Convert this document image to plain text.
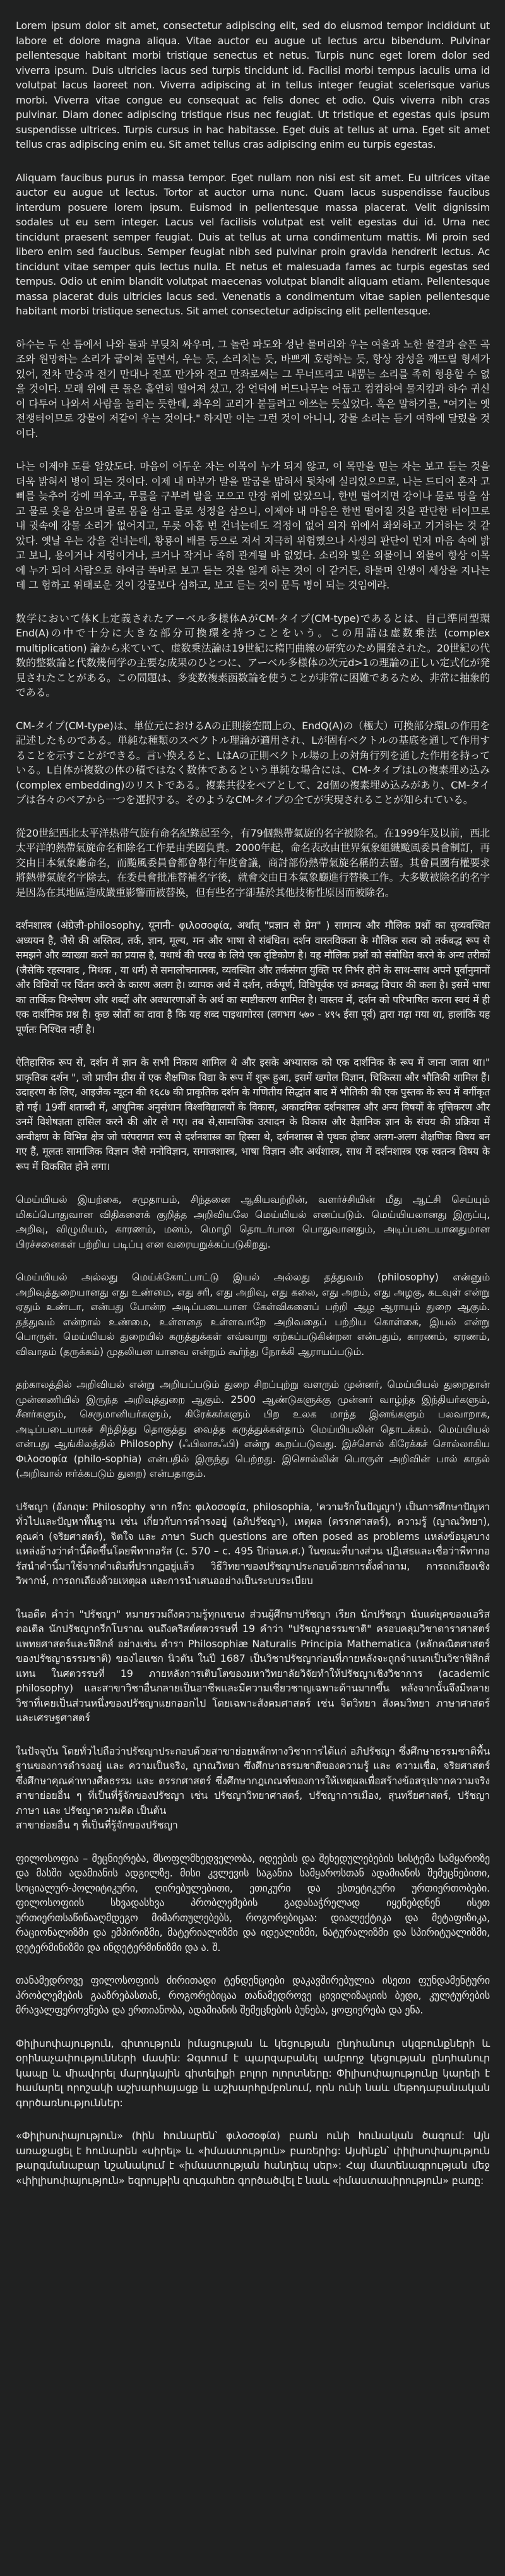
Lorem ipsum dolor sit amet, consectetur adipiscing elit, sed do eiusmod tempor incididunt ut labore et dolore magna aliqua. Vitae auctor eu augue ut lectus arcu bibendum. Pulvinar pellentesque habitant morbi tristique senectus et netus. Turpis nunc eget lorem dolor sed viverra ipsum. Duis ultricies lacus sed turpis tincidunt id. Facilisi morbi tempus iaculis urna id volutpat lacus laoreet non. Viverra adipiscing at in tellus integer feugiat scelerisque varius morbi. Viverra vitae congue eu consequat ac felis donec et odio. Quis viverra nibh cras pulvinar. Diam donec adipiscing tristique risus nec feugiat. Ut tristique et egestas quis ipsum suspendisse ultrices. Turpis cursus in hac habitasse. Eget duis at tellus at urna. Eget sit amet tellus cras adipiscing enim eu. Sit amet tellus cras adipiscing enim eu turpis egestas.

Aliquam faucibus purus in massa tempor. Eget nullam non nisi est sit amet. Eu ultrices vitae auctor eu augue ut lectus. Tortor at auctor urna nunc. Quam lacus suspendisse faucibus interdum posuere lorem ipsum. Euismod in pellentesque massa placerat. Velit dignissim sodales ut eu sem integer. Lacus vel facilisis volutpat est velit egestas dui id. Urna nec tincidunt praesent semper feugiat. Duis at tellus at urna condimentum mattis. Mi proin sed libero enim sed faucibus. Semper feugiat nibh sed pulvinar proin gravida hendrerit lectus. Ac tincidunt vitae semper quis lectus nulla. Et netus et malesuada fames ac turpis egestas sed tempus. Odio ut enim blandit volutpat maecenas volutpat blandit aliquam etiam. Pellentesque massa placerat duis ultricies lacus sed. Venenatis a condimentum vitae sapien pellentesque habitant morbi tristique senectus. Sit amet consectetur adipiscing elit pellentesque.

하수는 두 산 틈에서 나와 돌과 부딪쳐 싸우며, 그 놀란 파도와 성난 물머리와 우는 여울과 노한 물결과 슬픈 곡조와 원망하는 소리가 굽이쳐 돌면서, 우는 듯, 소리치는 듯, 바쁘게 호령하는 듯, 항상 장성을 깨뜨릴 형세가 있어, 전차 만승과 전기 만대나 전포 만가와 전고 만좌로써는 그 무너뜨리고 내뿜는 소리를 족히 형용할 수 없을 것이다. 모래 위에 큰 돌은 홀연히 떨어져 섰고, 강 언덕에 버드나무는 어둡고 컴컴하여 물지킴과 하수 귀신이 다투어 나와서 사람을 놀리는 듯한데, 좌우의 교리가 붙들려고 애쓰는 듯싶었다. 혹은 말하기를, "여기는 옛 전쟁터이므로 강물이 저같이 우는 것이다." 하지만 이는 그런 것이 아니니, 강물 소리는 듣기 여하에 달렸을 것이다.

나는 이제야 도를 알았도다. 마음이 어두운 자는 이목이 누가 되지 않고, 이 목만을 믿는 자는 보고 듣는 것을 더욱 밝혀서 병이 되는 것이다. 이제 내 마부가 발을 말굽을 밟혀서 뒷차에 실리었으므로, 나는 드디어 혼자 고삐를 늦추어 강에 띄우고, 무릎을 구부려 발을 모으고 안장 위에 앉았으니, 한번 떨어지면 강이나 물로 땅을 삼고 물로 옷을 삼으며 물로 몸을 삼고 물로 성정을 삼으니, 이제야 내 마음은 한번 떨어질 것을 판단한 터이므로 내 귓속에 강물 소리가 없어지고, 무릇 아홉 번 건너는데도 걱정이 없어 의자 위에서 좌와하고 기거하는 것 같았다. 옛날 우는 강을 건너는데, 황룡이 배를 등으로 져서 지극히 위험했으나 사생의 판단이 먼저 마음 속에 밝고 보니, 용이거나 지렁이거나, 크거나 작거나 족히 관계될 바 없었다. 소리와 빛은 외물이니 외물이 항상 이목에 누가 되어 사람으로 하여금 똑바로 보고 듣는 것을 잃게 하는 것이 이 같거든, 하물며 인생이 세상을 지나는 데 그 험하고 위태로운 것이 강물보다 심하고, 보고 듣는 것이 문득 병이 되는 것임에랴.

数学において体K上定義されたアーベル多様体AがCM-タイプ(CM-type)であるとは、自己準同型環 End(A)の中で十分に大きな部分可換環を持つことをいう。この用語は虚数乗法 (complex multiplication) 論から来ていて、虚数乗法論は19世紀に楕円曲線の研究のため開発された。20世紀の代数的整数論と代数幾何学の主要な成果のひとつに、アーベル多様体の次元d>1の理論の正しい定式化が発見されたことがある。この問題は、多変数複素函数論を使うことが非常に困難であるため、非常に抽象的である。

CM-タイプ(CM-type)は、単位元におけるAの正則接空間上の、EndQ(A)の（極大）可換部分環Lの作用を記述したものである。単純な種類のスペクトル理論が適用され、Lが固有ベクトルの基底を通して作用することを示すことができる。言い換えると、LはAの正則ベクトル場の上の対角行列を通した作用を持っている。L自体が複数の体の積ではなく数体であるという単純な場合には、CM-タイプはLの複素埋め込み(complex embedding)のリストである。複素共役をペアとして、2d個の複素埋め込みがあり、CM-タイプは各々のペアから一つを選択する。そのようなCM-タイプの全てが実現されることが知られている。

從20世紀西北太平洋热带气旋有命名紀錄起至今，有79個熱帶氣旋的名字被除名。在1999年及以前，西北太平洋的熱帶氣旋命名和除名工作是由美國負責。2000年起，命名表改由世界氣象組織颱風委員會制訂，再交由日本氣象廳命名，而颱風委員會都會舉行年度會議，商討部份熱帶氣旋名稱的去留。其會員國有權要求將熱帶氣旋名字除去，在委員會批准替補名字後，就會交由日本氣象廳進行替換工作。大多數被除名的名字是因為在其地區造成嚴重影響而被替換，但有些名字卻基於其他技術性原因而被除名。

दर्शनशास्त्र (अंग्रेज़ी-philosophy, यूनानी- φιλοσοφία, अर्थात् "प्रज्ञान से प्रेम" ) सामान्य और मौलिक प्रश्नों का सुव्यवस्थित अध्ययन है, जैसे की अस्तित्व, तर्क, ज्ञान, मूल्य, मन और भाषा से संबंधित। दर्शन वास्तविकता के मौलिक सत्य को तर्कबद्ध रूप से समझने और व्याख्या करने का प्रयास है, यथार्थ की परख के लिये एक दृष्टिकोण है। यह मौलिक प्रश्नों को संबोधित करने के अन्य तरीकों (जैसेकि रहस्यवाद , मिथक , या धर्म) से समालोचनात्मक, व्यवस्थित और तर्कसंगत युक्ति पर निर्भर होने के साथ-साथ अपने पूर्वानुमानों और विधियों पर चिंतन करने के कारण अलग है। व्यापक अर्थ में दर्शन, तर्कपूर्ण, विधिपूर्वक एवं क्रमबद्ध विचार की कला है। इसमें भाषा का तार्किक विश्लेषण और शब्दों और अवधारणाओं के अर्थ का स्पष्टीकरण शामिल है। वास्तव में, दर्शन को परिभाषित करना स्वयं में ही एक दार्शनिक प्रश्न है। कुछ स्रोतों का दावा है कि यह शब्द पाइथागोरस (लगभग ५७० - ४९५ ईसा पूर्व) द्वारा गढ़ा गया था, हालांकि यह पूर्णतः निश्चित नहीं है।

ऐतिहासिक रूप से, दर्शन में ज्ञान के सभी निकाय शामिल थे और इसके अभ्यासक को एक दार्शनिक के रूप में जाना जाता था।" प्राकृतिक दर्शन ", जो प्राचीन ग्रीस में एक शैक्षणिक विद्या के रूप में शुरू हुआ, इसमें खगोल विज्ञान, चिकित्सा और भौतिकी शामिल हैं। उदाहरण के लिए, आइजैक न्यूटन की १६८७ की प्राकृतिक दर्शन के गणितीय सिद्धांत बाद में भौतिकी की एक पुस्तक के रूप में वर्गीकृत हो गई। 19वीं शताब्दी में, आधुनिक अनुसंधान विश्वविद्यालयों के विकास, अकादमिक दर्शनशास्त्र और अन्य विषयों के वृत्तिकरण और उनमें विशेषज्ञता हासिल करने की ओर ले गए। तब से,सामाजिक उत्पादन के विकास और वैज्ञानिक ज्ञान के संचय की प्रक्रिया में अन्वीक्षण के विभिन्न क्षेत्र जो परंपरागत रूप से दर्शनशास्त्र का हिस्सा थे, दर्शनशास्त्र से पृथक होकर अलग-अलग शैक्षणिक विषय बन गए हैं, मूलतः सामाजिक विज्ञान जैसे मनोविज्ञान, समाजशास्त्र, भाषा विज्ञान और अर्थशास्त्र, साथ में दर्शनशास्त्र एक स्वतन्त्र विषय के रूप में विकसित होने लगा।

மெய்யியல் இயற்கை, சமுதாயம், சிந்தனை ஆகியவற்றின், வளர்ச்சியின் மீது ஆட்சி செய்யும் மிகப்பொதுவான விதிகளைக் குறித்த அறிவியலே மெய்யியல் எனப்படும். மெய்யியலானது இருப்பு, அறிவு, விழுமியம், காரணம், மனம், மொழி தொடர்பான பொதுவானதும், அடிப்படையானதுமான பிரச்சனைகள் பற்றிய படிப்பு என வரையறுக்கப்படுகிறது.

மெய்யியல் அல்லது மெய்க்கோட்பாட்டு இயல் அல்லது தத்துவம் (philosophy) என்னும் அறிவுத்துறையானது எது உண்மை, எது சரி, எது அறிவு, எது கலை, எது அறம், எது அழகு, கடவுள் என்று ஏதும் உண்டா, என்பது போன்ற அடிப்படையான கேள்விகளைப் பற்றி ஆழ ஆராயும் துறை ஆகும். தத்துவம் என்றால் உண்மை, உள்ளதை உள்ளவாறே அறிவதைப் பற்றிய கொள்கை, இயல் என்று பொருள். மெய்யியல் துறையில் கருத்துக்கள் எவ்வாறு ஏற்கப்படுகின்றன என்பதும், காரணம், ஏரணம், விவாதம் (தருக்கம்) முதலியன யாவை என்றும் கூர்ந்து நோக்கி ஆராயப்படும்.

தற்காலத்தில் அறிவியல் என்று அறியப்படும் துறை சிறப்புற்று வளரும் முன்னர், மெய்யியல் துறைதான் முன்னணியில் இருந்த அறிவுத்துறை ஆகும். 2500 ஆண்டுகளுக்கு முன்னர் வாழ்ந்த இந்தியர்களும், சீனர்களும், செருமானியர்களும், கிரேக்கர்களும் பிற உலக மாந்த இனங்களும் பலவாறாக, அடிப்படையாகச் சிந்தித்து தொகுத்து வைத்த கருத்துக்கள்தாம் மெய்யியலின் தொடக்கம். மெய்யியல் என்பது ஆங்கிலத்தில் Philosophy (ஃபிலாசஃபி) என்று கூறப்படுவது. இச்சொல் கிரேக்கச் சொல்லாகிய Φιλοσοφία (philo-sophia) என்பதில் இருந்து பெற்றது. இசொல்லின் பொருள் அறிவின் பால் காதல் (அறிவால் ஈர்க்கபடும் துறை) என்பதாகும்.

ปรัชญา (อังกฤษ: Philosophy จาก กรีก: φιλοσοφία, philosophia, 'ความรักในปัญญา') เป็นการศึกษาปัญหาทั่วไปและปัญหาพื้นฐาน เช่น เกี่ยวกับการดำรงอยู่ (อภิปรัชญา), เหตุผล (ตรรกศาสตร์), ความรู้ (ญาณวิทยา), คุณค่า (จริยศาสตร์), จิตใจ และ ภาษา Such questions are often posed as problems แหล่งข้อมูลบางแหล่งอ้างว่าคำนี้คิดขึ้นโดยพีทากอรัส (c. 570 – c. 495 ปีก่อนค.ศ.) ในขณะที่บางส่วน ปฏิเสธและเชื่อว่าพีทากอรัสนำคำนี้มาใช้จากคำเดิมที่ปรากฏอยู่แล้ว วิธีวิทยาของปรัชญาประกอบด้วยการตั้งคำถาม, การถกเถียงเชิงวิพากษ์, การถกเถียงด้วยเหตุผล และการนำเสนออย่างเป็นระบบระเบียบ

ในอดีต คำว่า "ปรัชญา" หมายรวมถึงความรู้ทุกแขนง ส่วนผู้ศึกษาปรัชญา เรียก นักปรัชญา นับแต่ยุคของแอริสตอเติล นักปรัชญากรีกโบราณ จนถึงคริสต์ศตวรรษที่ 19 คำว่า "ปรัชญาธรรมชาติ" ครอบคลุมวิชาดาราศาสตร์ แพทยศาสตร์และฟิสิกส์ อย่างเช่น ตำรา Philosophiæ Naturalis Principia Mathematica (หลักคณิตศาสตร์ของปรัชญาธรรมชาติ) ของไอแซก นิวตัน ในปี 1687 เป็นวิชาปรัชญาก่อนที่ภายหลังจะถูกจำแนกเป็นวิชาฟิสิกส์แทน ในศตวรรษที่ 19 ภายหลังการเติบโตของมหาวิทยาลัยวิจัยทำให้ปรัชญาเชิงวิชาการ (academic philosophy) และสาขาวิชาอื่นกลายเป็นอาชีพและมีความเชี่ยวชาญเฉพาะด้านมากขึ้น หลังจากนั้นจึงมีหลายวิชาที่เคยเป็นส่วนหนึ่งของปรัชญาแยกออกไป โดยเฉพาะสังคมศาสตร์ เช่น จิตวิทยา สังคมวิทยา ภาษาศาสตร์ และเศรษฐศาสตร์

ในปัจจุบัน โดยทั่วไปถือว่าปรัชญาประกอบด้วยสาขาย่อยหลักทางวิชาการได้แก่ อภิปรัชญา ซึ่งศึกษาธรรมชาติพื้นฐานของการดำรงอยู่ และ ความเป็นจริง, ญาณวิทยา ซึ่งศึกษาธรรมชาติของความรู้ และ ความเชื่อ, จริยศาสตร์ ซึ่งศึกษาคุณค่าทางศีลธรรม และ ตรรกศาสตร์ ซึ่งศึกษากฎเกณฑ์ของการให้เหตุผลเพื่อสร้างข้อสรุปจากความจริง สาขาย่อยอื่น ๆ ที่เป็นที่รู้จักของปรัชญา เช่น ปรัชญาวิทยาศาสตร์, ปรัชญาการเมือง, สุนทรียศาสตร์, ปรัชญาภาษา และ ปรัชญาความคิด เป็นต้น

สาขาย่อยอื่น ๆ ที่เป็นที่รู้จักของปรัชญา

ფილოსოფია – მეცნიერება, მსოფლმხედველობა, იდეების და შეხედულებების სისტემა სამყაროზე და მასში ადამიანის ადგილზე. მისი კვლევის საგანია სამყაროსთან ადამიანის შემეცნებითი, სოციალურ-პოლიტიკური, ღირებულებითი, ეთიკური და ესთეტიკური ურთიერთობები. ფილოსოფიის სხვადასხვა პრობლემების გადასაჭრელად იყენებდნენ ისეთ ურთიერთსაწინააღმდეგო მიმართულებებს, როგორებიცაა: დიალექტიკა და მეტაფიზიკა, რაციონალიზმი და ემპირიზმი, მატერიალიზმი და იდეალიზმი, ნატურალიზმი და სპირიტუალიზმი, დეტერმინიზმი და ინდეტერმინიზმი და ა. შ.

თანამედროვე ფილოსოფიის ძირითადი ტენდენციები დაკავშირებულია ისეთი ფუნდამენტური პრობლემების გააზრებასთან, როგორებიცაა თანამედროვე ცივილიზაციის ბედი, კულტურების მრავალფეროვნება და ერთიანობა, ადამიანის შემეცნების ბუნება, ყოფიერება და ენა.

Փիլիսոփայություն, գիտություն իմացության և կեցության ընդհանուր սկզբունքների և օրինաչափությունների մասին: Ձգտում է պարզաբանել ամբողջ կեցության ընդհանուր կապը և միավորել մարդկային գիտելիքի բոլոր ոլորտները: Փիլիսոփայությունը կարելի է համարել որոշակի աշխարհայացք և աշխարհըմբռնում, որն ունի նաև մեթոդաբանական գործառնություններ:

«Փիլիսոփայություն» (հին հունարեն՝ φιλοσοφία) բառն ունի հունական ծագում: Այն առաջացել է հունարեն «սիրել» և «իմաստություն» բառերից: Այսինքն՝ փիլիսոփայություն թարգմանաբար նշանակում է «իմաստության հանդեպ սեր»: Հայ մատենագրության մեջ «փիլիսոփայություն» եզրույթին զուգահեռ գործածվել է նաև «իմաստասիրություն» բառը:
